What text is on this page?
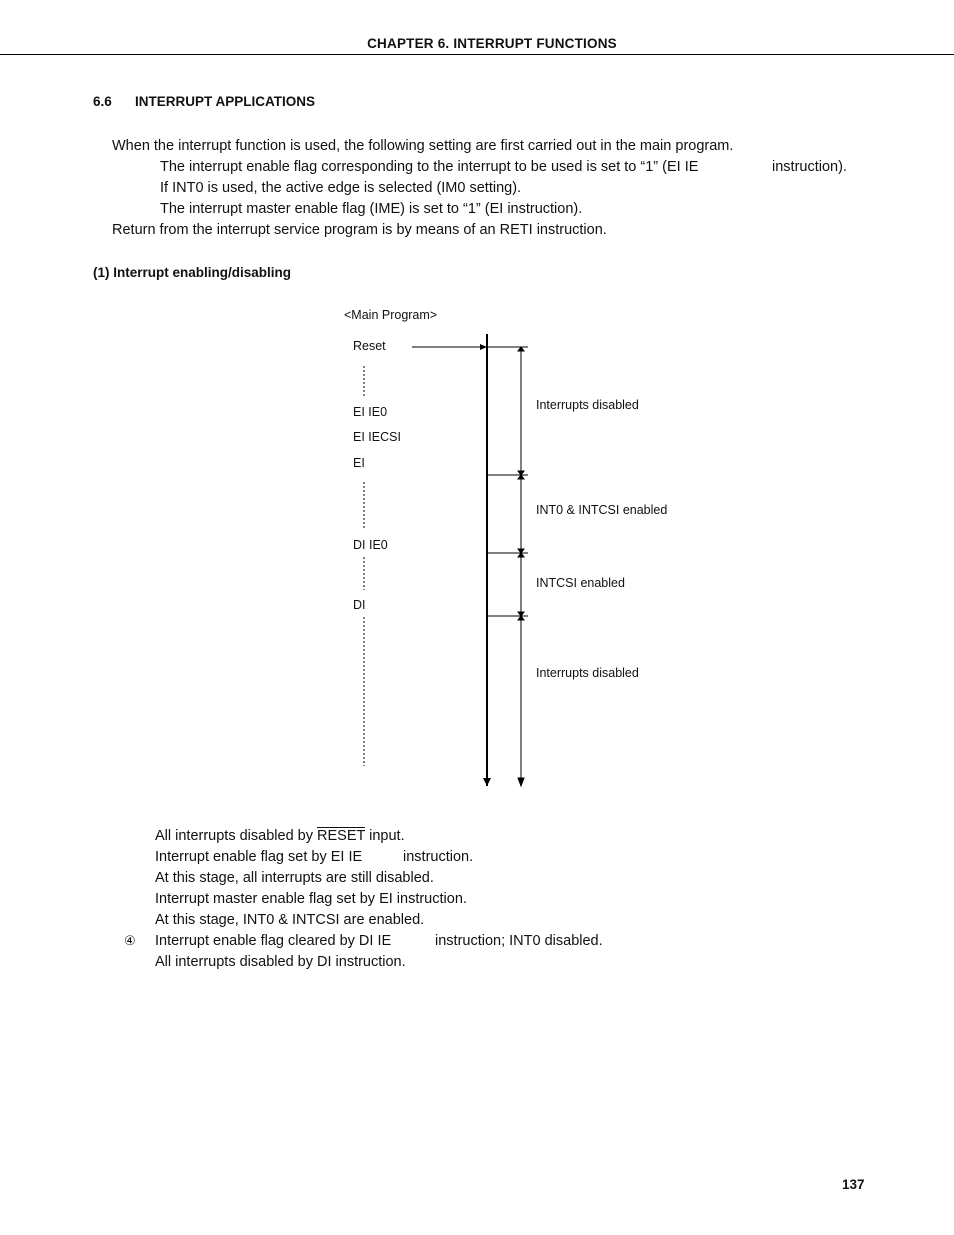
CHAPTER 6. INTERRUPT FUNCTIONS
6.6 INTERRUPT APPLICATIONS
When the interrupt function is used, the following setting are first carried out in the main program.
The interrupt enable flag corresponding to the interrupt to be used is set to “1” (EI IE	instruction).
If INT0 is used, the active edge is selected (IM0 setting).
The interrupt master enable flag (IME) is set to “1” (EI instruction).
Return from the interrupt service program is by means of an RETI instruction.
(1) Interrupt enabling/disabling
<Main Program>
Reset
EI IE0
EI IECSI
EI
DI IE0
DI
Interrupts disabled
INT0 & INTCSI enabled
INTCSI enabled
Interrupts disabled
All interrupts disabled by RESET input.
Interrupt enable flag set by EI IE	instruction.
At this stage, all interrupts are still disabled.
Interrupt master enable flag set by EI instruction.
At this stage, INT0 & INTCSI are enabled.
④ Interrupt enable flag cleared by DI IE	instruction; INT0 disabled.
All interrupts disabled by DI instruction.
137
